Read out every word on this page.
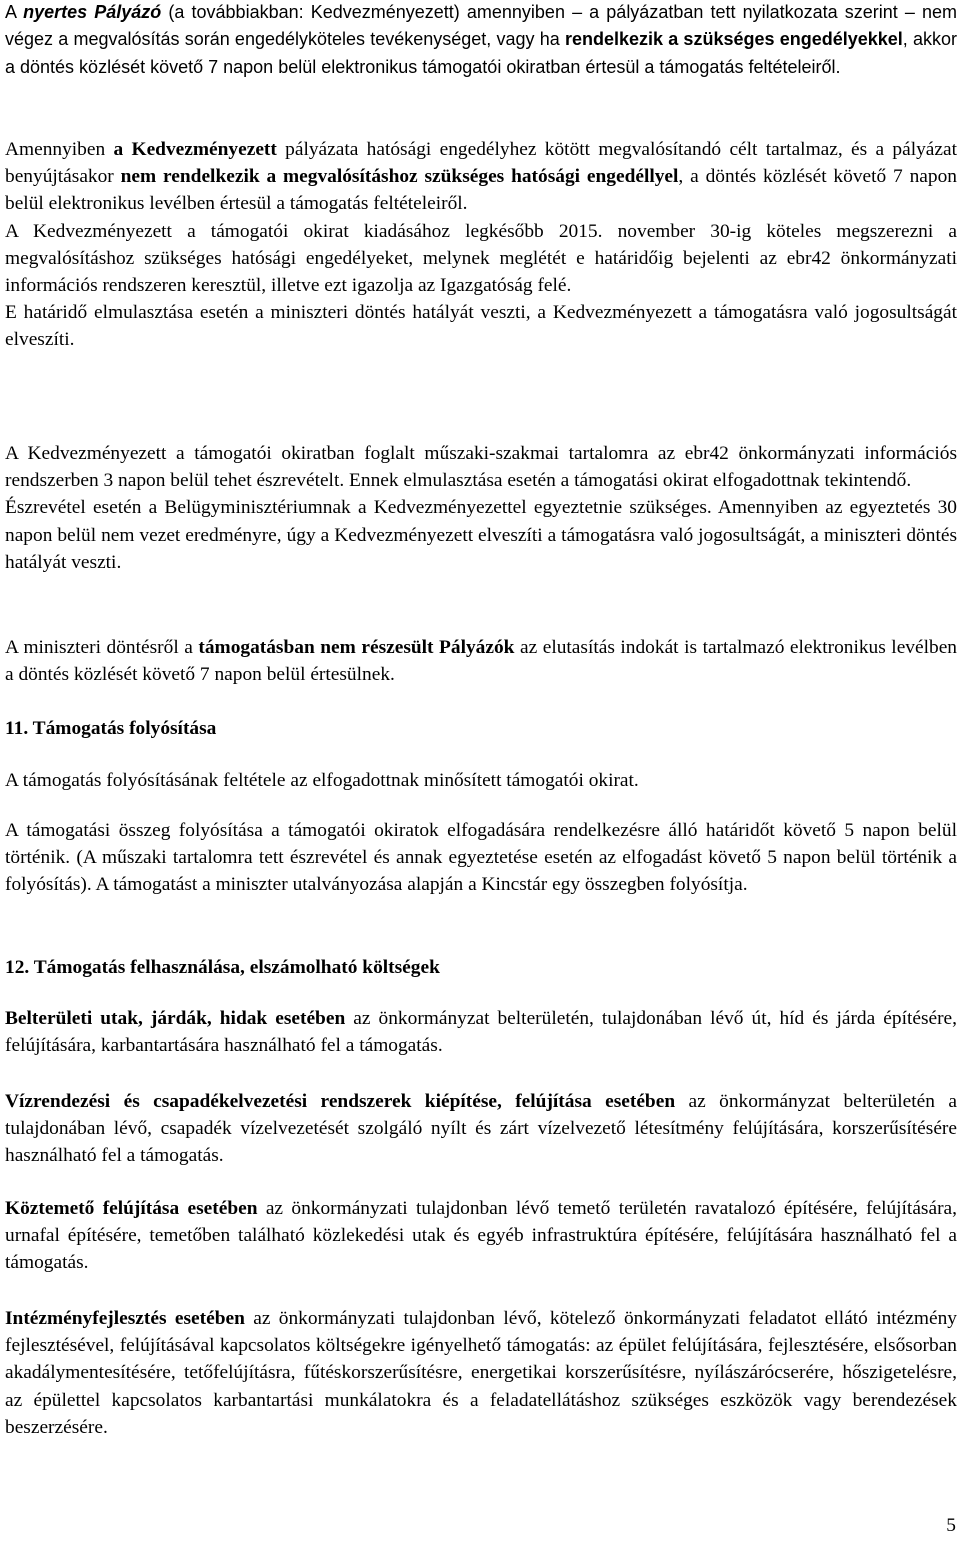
A nyertes Pályázó (a továbbiakban: Kedvezményezett) amennyiben – a pályázatban tett nyilatkozata szerint – nem végez a megvalósítás során engedélyköteles tevékenységet, vagy ha rendelkezik a szükséges engedélyekkel, akkor a döntés közlését követő 7 napon belül elektronikus támogatói okiratban értesül a támogatás feltételeiről.

Amennyiben a Kedvezményezett pályázata hatósági engedélyhez kötött megvalósítandó célt tartalmaz, és a pályázat benyújtásakor nem rendelkezik a megvalósításhoz szükséges hatósági engedéllyel, a döntés közlését követő 7 napon belül elektronikus levélben értesül a támogatás feltételeiről.

A Kedvezményezett a támogatói okirat kiadásához legkésőbb 2015. november 30-ig köteles megszerezni a megvalósításhoz szükséges hatósági engedélyeket, melynek meglétét e határidőig bejelenti az ebr42 önkormányzati információs rendszeren keresztül, illetve ezt igazolja az Igazgatóság felé.

E határidő elmulasztása esetén a miniszteri döntés hatályát veszti, a Kedvezményezett a támogatásra való jogosultságát elveszíti.

A Kedvezményezett a támogatói okiratban foglalt műszaki-szakmai tartalomra az ebr42 önkormányzati információs rendszerben 3 napon belül tehet észrevételt. Ennek elmulasztása esetén a támogatási okirat elfogadottnak tekintendő.

Észrevétel esetén a Belügyminisztériumnak a Kedvezményezettel egyeztetnie szükséges. Amennyiben az egyeztetés 30 napon belül nem vezet eredményre, úgy a Kedvezményezett elveszíti a támogatásra való jogosultságát, a miniszteri döntés hatályát veszti.

A miniszteri döntésről a támogatásban nem részesült Pályázók az elutasítás indokát is tartalmazó elektronikus levélben a döntés közlését követő 7 napon belül értesülnek.

11. Támogatás folyósítása

A támogatás folyósításának feltétele az elfogadottnak minősített támogatói okirat.

A támogatási összeg folyósítása a támogatói okiratok elfogadására rendelkezésre álló határidőt követő 5 napon belül történik. (A műszaki tartalomra tett észrevétel és annak egyeztetése esetén az elfogadást követő 5 napon belül történik a folyósítás). A támogatást a miniszter utalványozása alapján a Kincstár egy összegben folyósítja.

12. Támogatás felhasználása, elszámolható költségek

Belterületi utak, járdák, hidak esetében az önkormányzat belterületén, tulajdonában lévő út, híd és járda építésére, felújítására, karbantartására használható fel a támogatás.

Vízrendezési és csapadékelvezetési rendszerek kiépítése, felújítása esetében az önkormányzat belterületén a tulajdonában lévő, csapadék vízelvezetését szolgáló nyílt és zárt vízelvezető létesítmény felújítására, korszerűsítésére használható fel a támogatás.

Köztemető felújítása esetében az önkormányzati tulajdonban lévő temető területén ravatalozó építésére, felújítására, urnafal építésére, temetőben található közlekedési utak és egyéb infrastruktúra építésére, felújítására használható fel a támogatás.

Intézményfejlesztés esetében az önkormányzati tulajdonban lévő, kötelező önkormányzati feladatot ellátó intézmény fejlesztésével, felújításával kapcsolatos költségekre igényelhető támogatás: az épület felújítására, fejlesztésére, elsősorban akadálymentesítésére, tetőfelújításra, fűtéskorszerűsítésre, energetikai korszerűsítésre, nyílászárócserére, hőszigetelésre, az épülettel kapcsolatos karbantartási munkálatokra és a feladatellátáshoz szükséges eszközök vagy berendezések beszerzésére.

5
